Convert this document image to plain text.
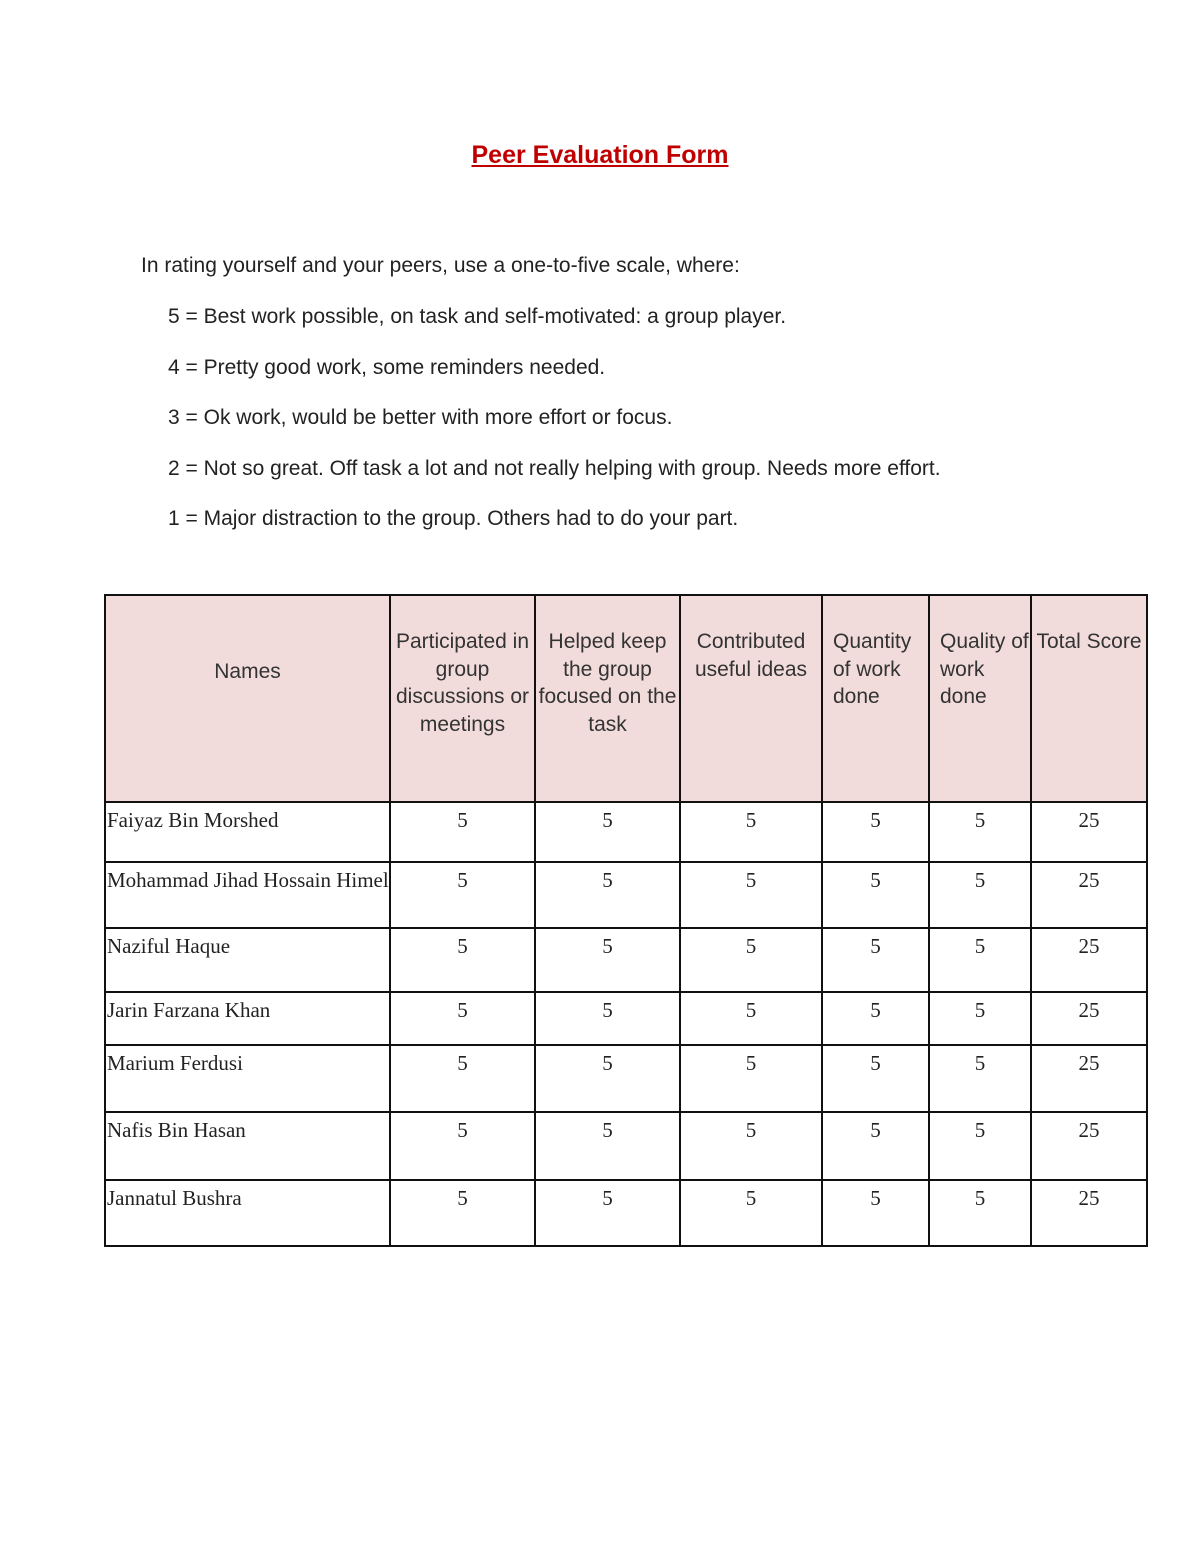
Peer Evaluation Form

In rating yourself and your peers, use a one-to-five scale, where:

5 = Best work possible, on task and self-motivated: a group player.
4 = Pretty good work, some reminders needed.
3 = Ok work, would be better with more effort or focus.
2 = Not so great. Off task a lot and not really helping with group. Needs more effort.
1 = Major distraction to the group. Others had to do your part.
Names	Participated in group discussions or meetings	Helped keep the group focused on the task	Contributed useful ideas	Quantity of work done	Quality of work done	Total Score
Faiyaz Bin Morshed	5	5	5	5	5	25
Mohammad Jihad Hossain Himel	5	5	5	5	5	25
Naziful Haque	5	5	5	5	5	25
Jarin Farzana Khan	5	5	5	5	5	25
Marium Ferdusi	5	5	5	5	5	25
Nafis Bin Hasan	5	5	5	5	5	25
Jannatul Bushra	5	5	5	5	5	25
